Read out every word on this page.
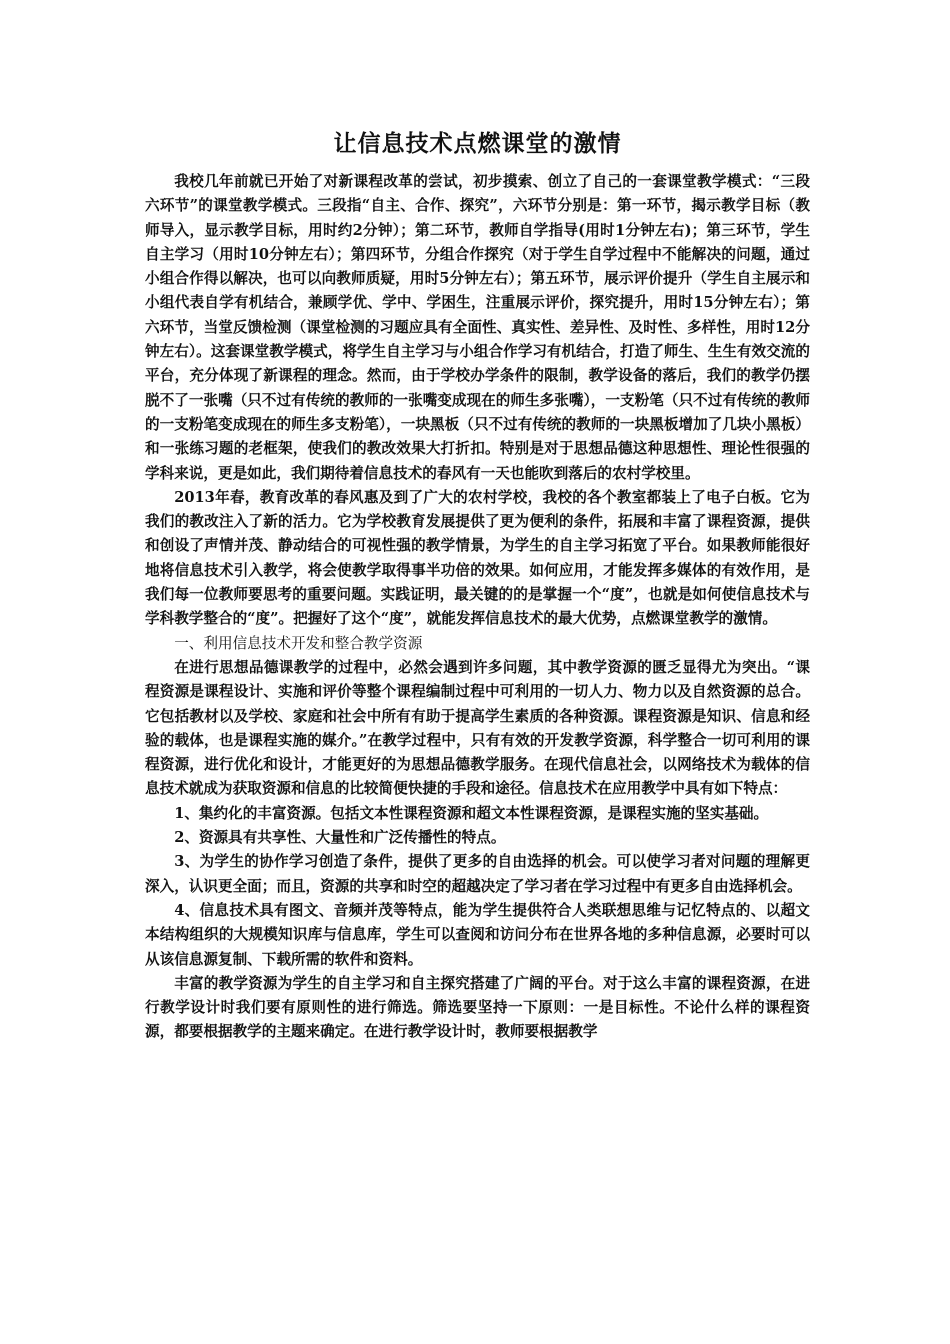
让信息技术点燃课堂的激情

我校几年前就已开始了对新课程改革的尝试，初步摸索、创立了自己的一套课堂教学模式：“三段六环节”的课堂教学模式。三段指“自主、合作、探究”，六环节分别是：第一环节，揭示教学目标（教师导入，显示教学目标，用时约2分钟）；第二环节，教师自学指导(用时1分钟左右)；第三环节，学生自主学习（用时10分钟左右）；第四环节，分组合作探究（对于学生自学过程中不能解决的问题，通过小组合作得以解决，也可以向教师质疑，用时5分钟左右）；第五环节，展示评价提升（学生自主展示和小组代表自学有机结合，兼顾学优、学中、学困生，注重展示评价，探究提升，用时15分钟左右）；第六环节，当堂反馈检测（课堂检测的习题应具有全面性、真实性、差异性、及时性、多样性，用时12分钟左右）。这套课堂教学模式，将学生自主学习与小组合作学习有机结合，打造了师生、生生有效交流的平台，充分体现了新课程的理念。然而，由于学校办学条件的限制，教学设备的落后，我们的教学仍摆脱不了一张嘴（只不过有传统的教师的一张嘴变成现在的师生多张嘴），一支粉笔（只不过有传统的教师的一支粉笔变成现在的师生多支粉笔），一块黑板（只不过有传统的教师的一块黑板增加了几块小黑板）和一张练习题的老框架，使我们的教改效果大打折扣。特别是对于思想品德这种思想性、理论性很强的学科来说，更是如此，我们期待着信息技术的春风有一天也能吹到落后的农村学校里。

2013年春，教育改革的春风惠及到了广大的农村学校，我校的各个教室都装上了电子白板。它为我们的教改注入了新的活力。它为学校教育发展提供了更为便利的条件，拓展和丰富了课程资源，提供和创设了声情并茂、静动结合的可视性强的教学情景，为学生的自主学习拓宽了平台。如果教师能很好地将信息技术引入教学，将会使教学取得事半功倍的效果。如何应用，才能发挥多媒体的有效作用，是我们每一位教师要思考的重要问题。实践证明，最关键的的是掌握一个“度”，也就是如何使信息技术与学科教学整合的“度”。把握好了这个“度”，就能发挥信息技术的最大优势，点燃课堂教学的激情。

一、利用信息技术开发和整合教学资源

在进行思想品德课教学的过程中，必然会遇到许多问题，其中教学资源的匮乏显得尤为突出。“课程资源是课程设计、实施和评价等整个课程编制过程中可利用的一切人力、物力以及自然资源的总合。它包括教材以及学校、家庭和社会中所有有助于提高学生素质的各种资源。课程资源是知识、信息和经验的载体，也是课程实施的媒介。”在教学过程中，只有有效的开发教学资源，科学整合一切可利用的课程资源，进行优化和设计，才能更好的为思想品德教学服务。在现代信息社会，以网络技术为载体的信息技术就成为获取资源和信息的比较简便快捷的手段和途径。信息技术在应用教学中具有如下特点：

1、集约化的丰富资源。包括文本性课程资源和超文本性课程资源，是课程实施的坚实基础。

2、资源具有共享性、大量性和广泛传播性的特点。

3、为学生的协作学习创造了条件，提供了更多的自由选择的机会。可以使学习者对问题的理解更深入，认识更全面；而且，资源的共享和时空的超越决定了学习者在学习过程中有更多自由选择机会。

4、信息技术具有图文、音频并茂等特点，能为学生提供符合人类联想思维与记忆特点的、以超文本结构组织的大规模知识库与信息库，学生可以查阅和访问分布在世界各地的多种信息源，必要时可以从该信息源复制、下载所需的软件和资料。

丰富的教学资源为学生的自主学习和自主探究搭建了广阔的平台。对于这么丰富的课程资源，在进行教学设计时我们要有原则性的进行筛选。筛选要坚持一下原则：一是目标性。不论什么样的课程资源，都要根据教学的主题来确定。在进行教学设计时，教师要根据教学
